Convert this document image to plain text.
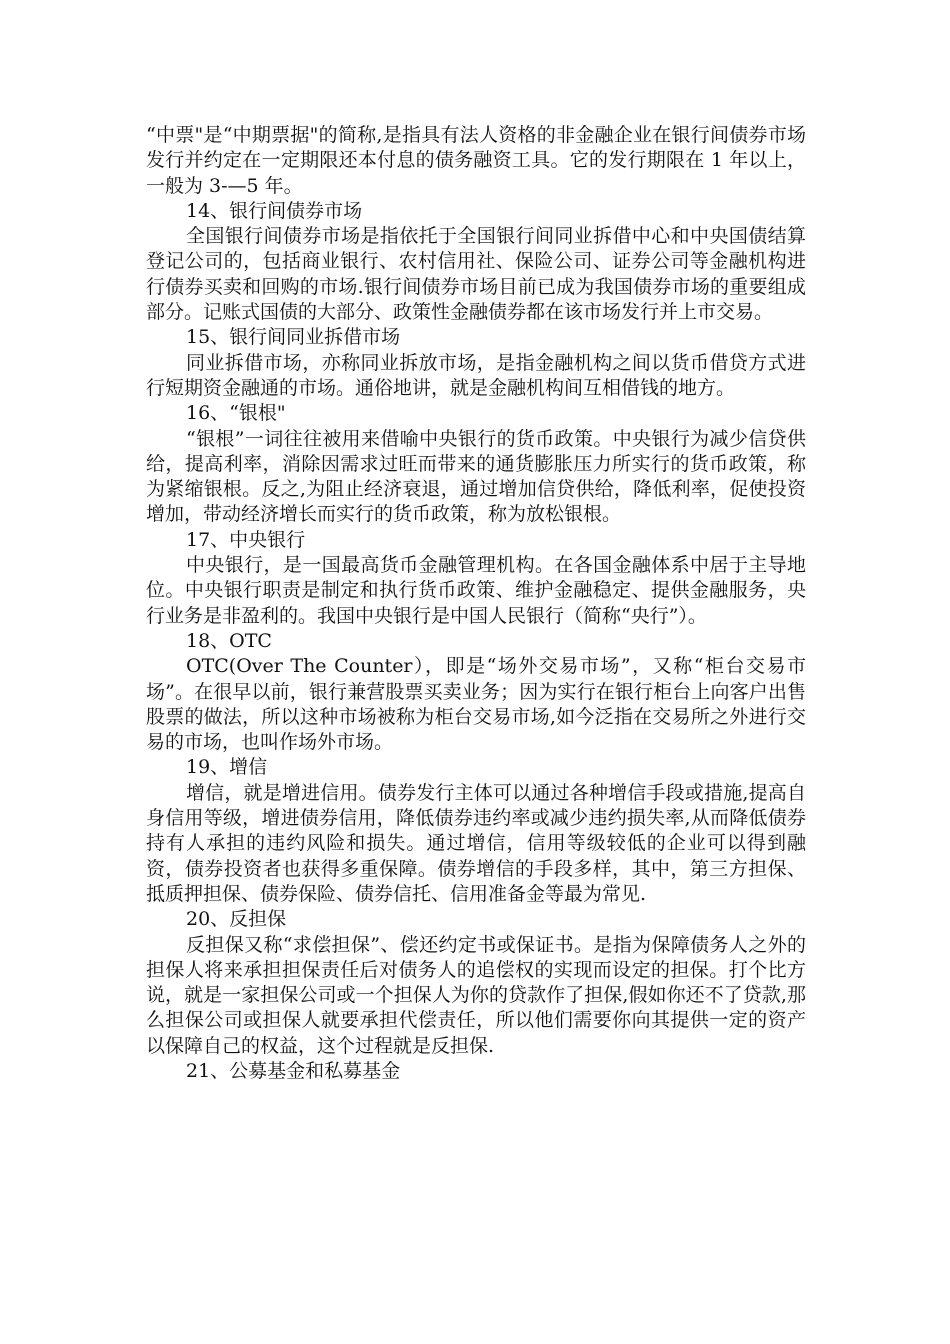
“中票"是“中期票据"的简称,是指具有法人资格的非金融企业在银行间债券市场发行并约定在一定期限还本付息的债务融资工具。它的发行期限在 1 年以上，一般为 3-—5 年。

14、银行间债券市场

全国银行间债券市场是指依托于全国银行间同业拆借中心和中央国债结算登记公司的，包括商业银行、农村信用社、保险公司、证券公司等金融机构进行债券买卖和回购的市场.银行间债券市场目前已成为我国债券市场的重要组成部分。记账式国债的大部分、政策性金融债券都在该市场发行并上市交易。

15、银行间同业拆借市场

同业拆借市场，亦称同业拆放市场，是指金融机构之间以货币借贷方式进行短期资金融通的市场。通俗地讲，就是金融机构间互相借钱的地方。

16、“银根"

“银根”一词往往被用来借喻中央银行的货币政策。中央银行为减少信贷供给，提高利率，消除因需求过旺而带来的通货膨胀压力所实行的货币政策，称为紧缩银根。反之,为阻止经济衰退，通过增加信贷供给，降低利率，促使投资增加，带动经济增长而实行的货币政策，称为放松银根。

17、中央银行

中央银行，是一国最高货币金融管理机构。在各国金融体系中居于主导地位。中央银行职责是制定和执行货币政策、维护金融稳定、提供金融服务，央行业务是非盈利的。我国中央银行是中国人民银行（简称“央行”）。

18、OTC

OTC(Over The Counter），即是“场外交易市场”，又称“柜台交易市场”。在很早以前，银行兼营股票买卖业务；因为实行在银行柜台上向客户出售股票的做法，所以这种市场被称为柜台交易市场,如今泛指在交易所之外进行交易的市场，也叫作场外市场。

19、增信

增信，就是增进信用。债券发行主体可以通过各种增信手段或措施,提高自身信用等级，增进债券信用，降低债券违约率或减少违约损失率,从而降低债券持有人承担的违约风险和损失。通过增信，信用等级较低的企业可以得到融资，债券投资者也获得多重保障。债券增信的手段多样，其中，第三方担保、抵质押担保、债券保险、债券信托、信用准备金等最为常见.

20、反担保

反担保又称“求偿担保”、偿还约定书或保证书。是指为保障债务人之外的担保人将来承担担保责任后对债务人的追偿权的实现而设定的担保。打个比方说，就是一家担保公司或一个担保人为你的贷款作了担保,假如你还不了贷款,那么担保公司或担保人就要承担代偿责任，所以他们需要你向其提供一定的资产以保障自己的权益，这个过程就是反担保.

21、公募基金和私募基金
